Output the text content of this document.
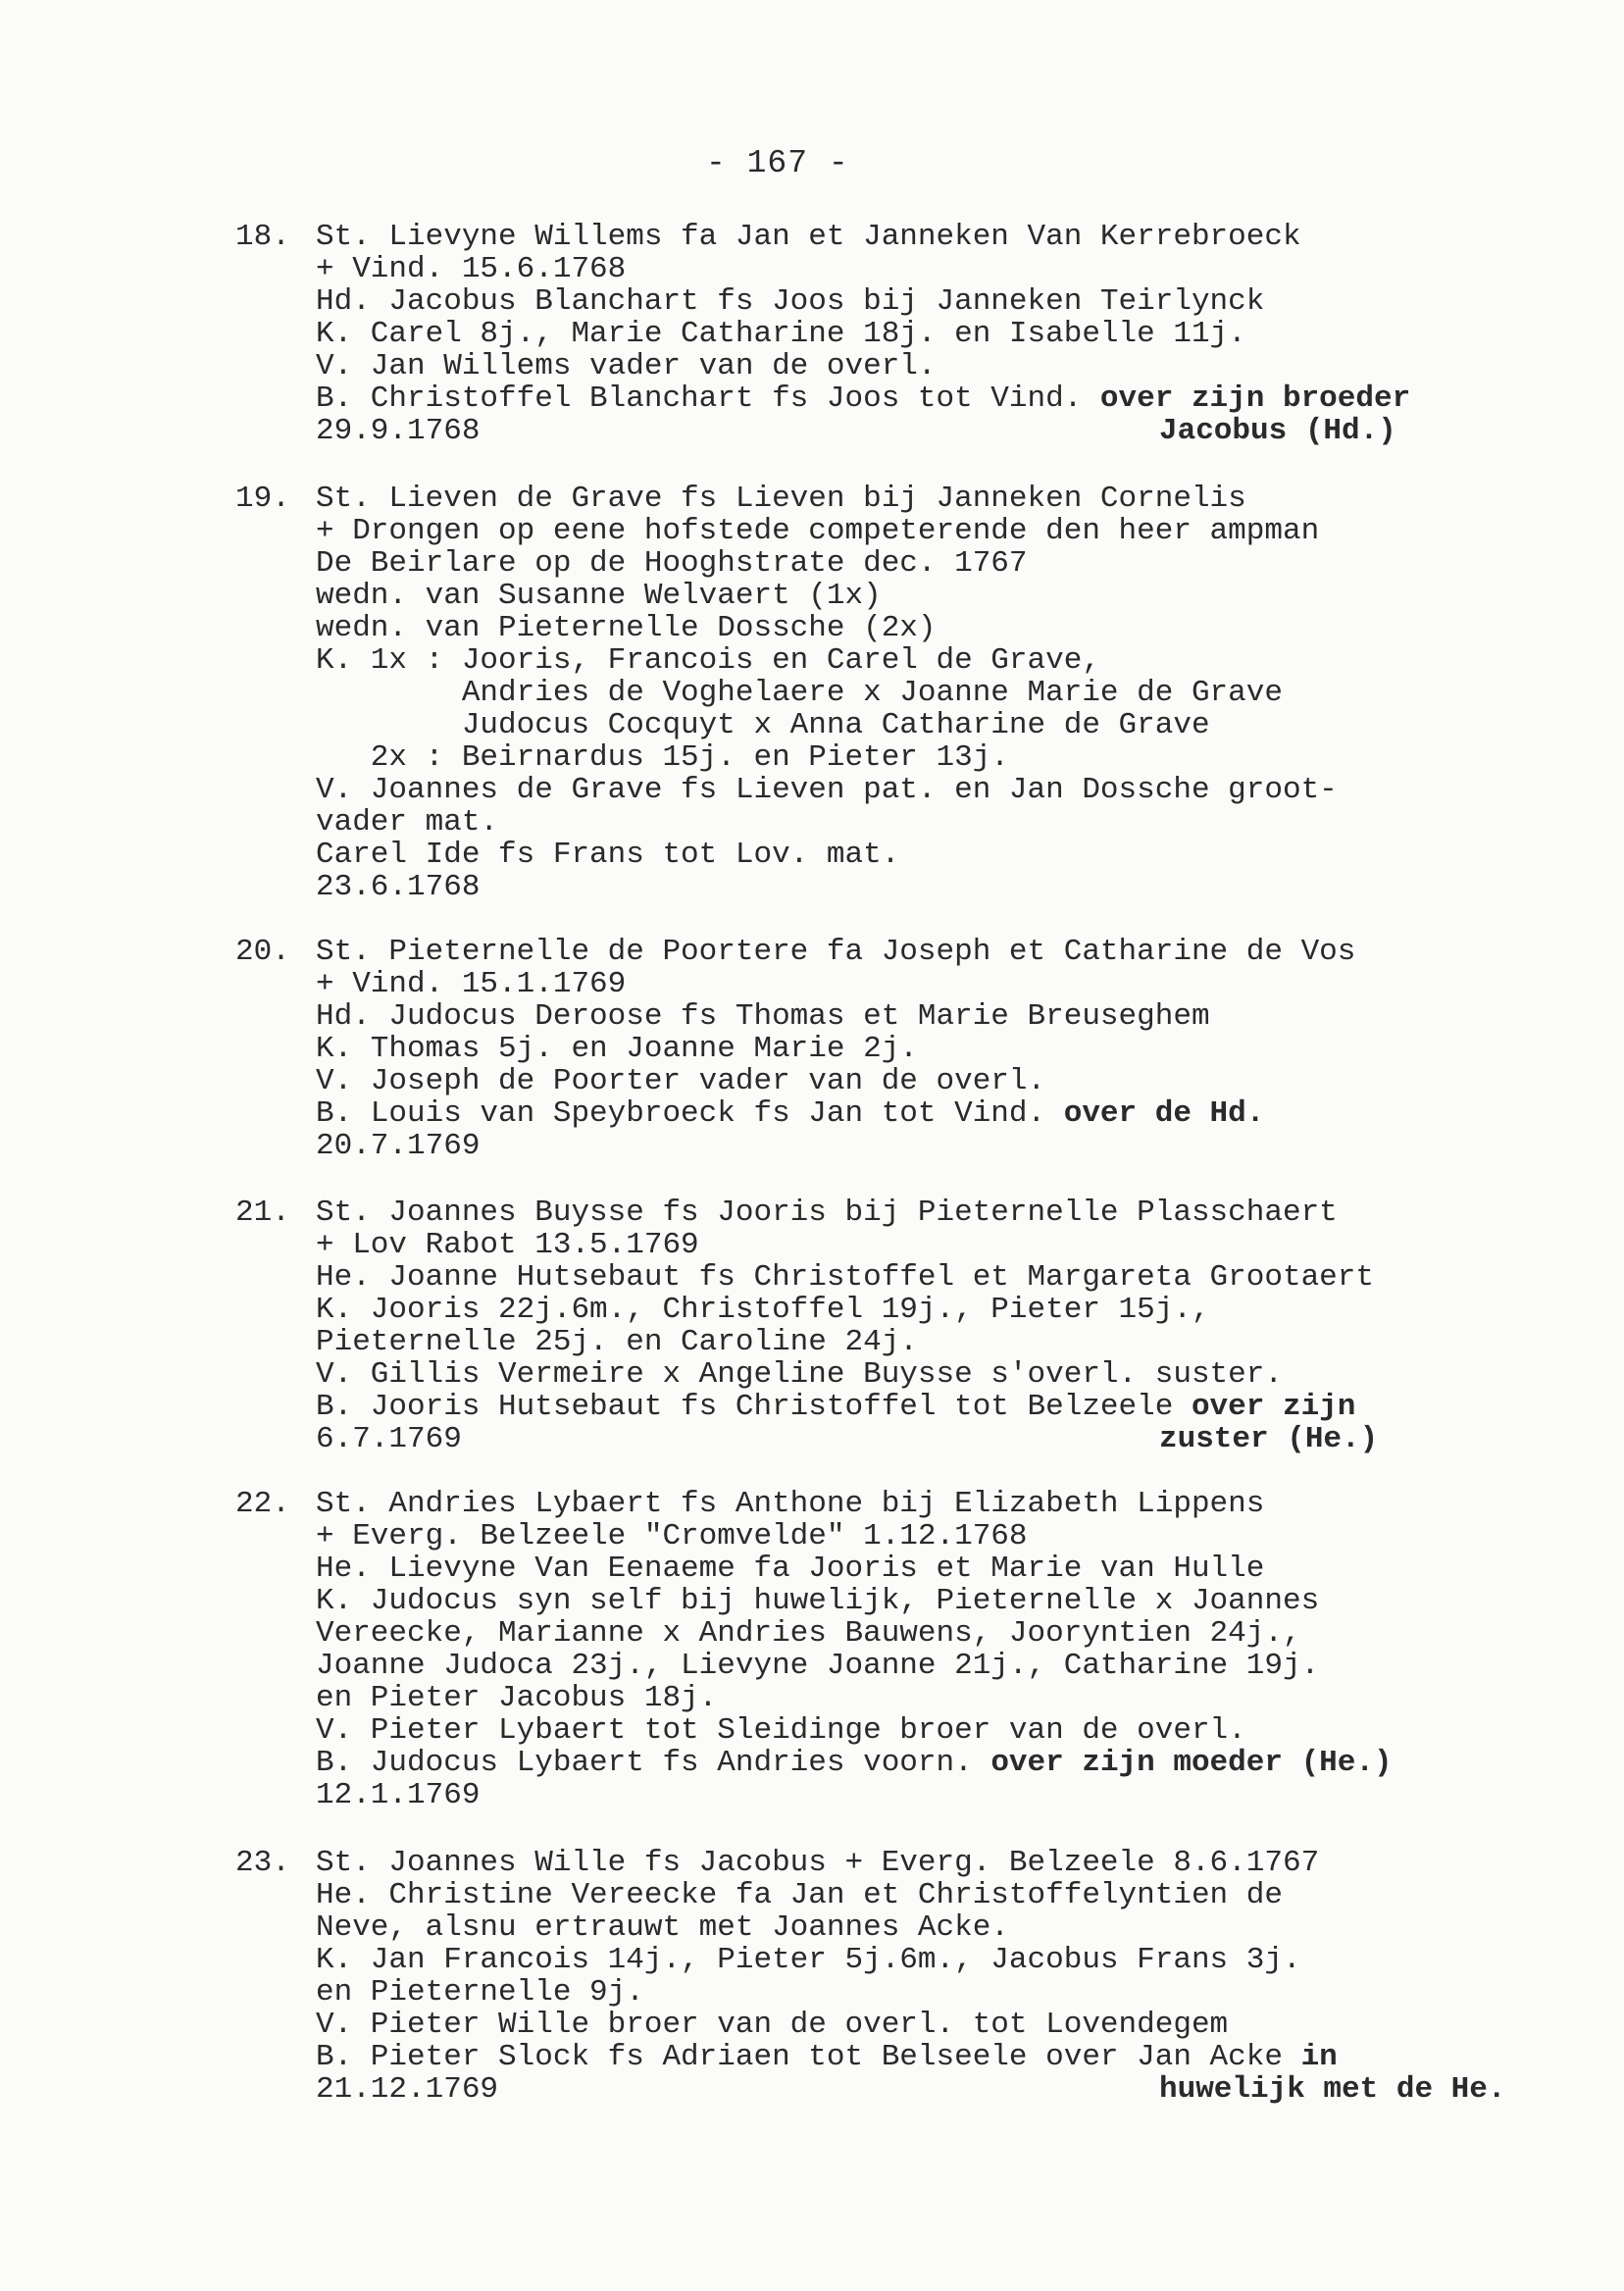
- 167 -
18. St. Lievyne Willems fa Jan et Janneken Van Kerrebroeck
+ Vind. 15.6.1768
Hd. Jacobus Blanchart fs Joos bij Janneken Teirlynck
K. Carel 8j., Marie Catharine 18j. en Isabelle 11j.
V. Jan Willems vader van de overl.
B. Christoffel Blanchart fs Joos tot Vind. over zijn broeder
29.9.1768	Jacobus (Hd.)
19. St. Lieven de Grave fs Lieven bij Janneken Cornelis
+ Drongen op eene hofstede competerende den heer ampman
De Beirlare op de Hooghstrate dec. 1767
wedn. van Susanne Welvaert (1x)
wedn. van Pieternelle Dossche (2x)
K. 1x : Jooris, Francois en Carel de Grave,
Andries de Voghelaere x Joanne Marie de Grave
Judocus Cocquyt x Anna Catharine de Grave
2x : Beirnardus 15j. en Pieter 13j.
V. Joannes de Grave fs Lieven pat. en Jan Dossche groot-
vader mat.
Carel Ide fs Frans tot Lov. mat.
23.6.1768
20. St. Pieternelle de Poortere fa Joseph et Catharine de Vos
+ Vind. 15.1.1769
Hd. Judocus Deroose fs Thomas et Marie Breuseghem
K. Thomas 5j. en Joanne Marie 2j.
V. Joseph de Poorter vader van de overl.
B. Louis van Speybroeck fs Jan tot Vind. over de Hd.
20.7.1769
21. St. Joannes Buysse fs Jooris bij Pieternelle Plasschaert
+ Lov Rabot 13.5.1769
He. Joanne Hutsebaut fs Christoffel et Margareta Grootaert
K. Jooris 22j.6m., Christoffel 19j., Pieter 15j.,
Pieternelle 25j. en Caroline 24j.
V. Gillis Vermeire x Angeline Buysse s'overl. suster.
B. Jooris Hutsebaut fs Christoffel tot Belzeele over zijn
6.7.1769	zuster (He.)
22. St. Andries Lybaert fs Anthone bij Elizabeth Lippens
+ Everg. Belzeele "Cromvelde" 1.12.1768
He. Lievyne Van Eenaeme fa Jooris et Marie van Hulle
K. Judocus syn self bij huwelijk, Pieternelle x Joannes
Vereecke, Marianne x Andries Bauwens, Jooryntien 24j.,
Joanne Judoca 23j., Lievyne Joanne 21j., Catharine 19j.
en Pieter Jacobus 18j.
V. Pieter Lybaert tot Sleidinge broer van de overl.
B. Judocus Lybaert fs Andries voorn. over zijn moeder (He.)
12.1.1769
23. St. Joannes Wille fs Jacobus + Everg. Belzeele 8.6.1767
He. Christine Vereecke fa Jan et Christoffelyntien de
Neve, alsnu ertrauwt met Joannes Acke.
K. Jan Francois 14j., Pieter 5j.6m., Jacobus Frans 3j.
en Pieternelle 9j.
V. Pieter Wille broer van de overl. tot Lovendegem
B. Pieter Slock fs Adriaen tot Belseele over Jan Acke in
21.12.1769	huwelijk met de He.
